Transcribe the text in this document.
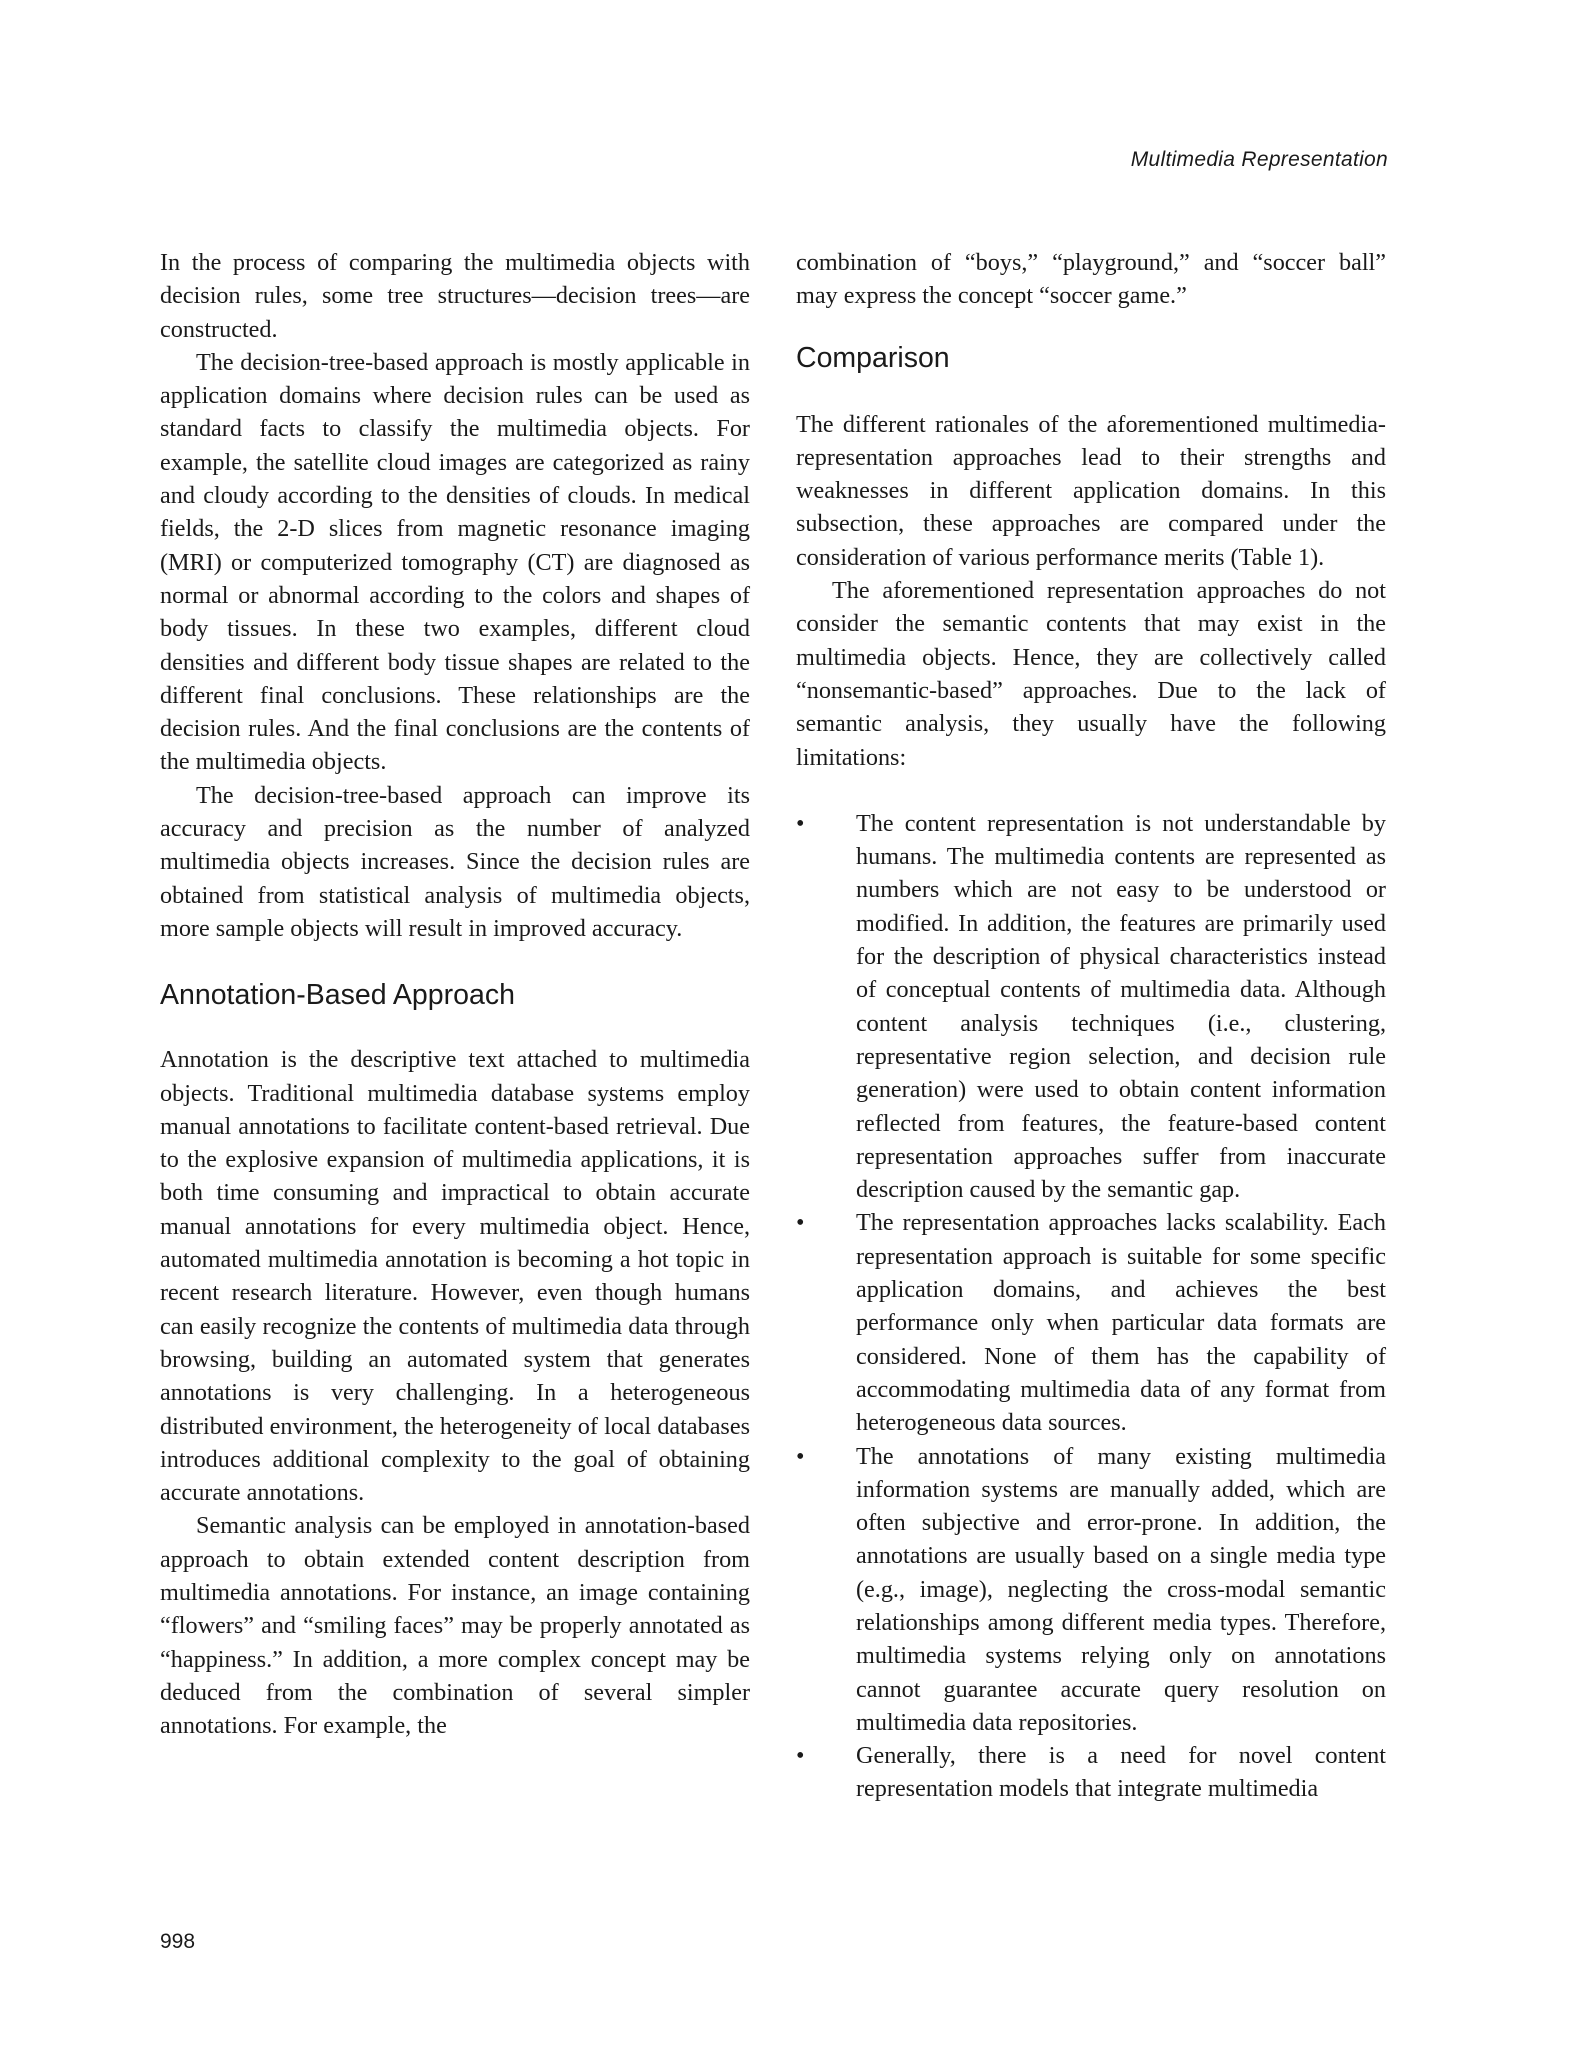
Multimedia Representation

In the process of comparing the multimedia objects with decision rules, some tree structures—decision trees—are constructed.

The decision-tree-based approach is mostly applicable in application domains where decision rules can be used as standard facts to classify the multimedia objects. For example, the satellite cloud images are categorized as rainy and cloudy according to the densities of clouds. In medical fields, the 2-D slices from magnetic resonance imaging (MRI) or computerized tomography (CT) are diagnosed as normal or abnormal according to the colors and shapes of body tissues. In these two examples, different cloud densities and different body tissue shapes are related to the different final conclusions. These relationships are the decision rules. And the final conclusions are the contents of the multimedia objects.

The decision-tree-based approach can improve its accuracy and precision as the number of analyzed multimedia objects increases. Since the decision rules are obtained from statistical analysis of multimedia objects, more sample objects will result in improved accuracy.

Annotation-Based Approach

Annotation is the descriptive text attached to multimedia objects. Traditional multimedia database systems employ manual annotations to facilitate content-based retrieval. Due to the explosive expansion of multimedia applications, it is both time consuming and impractical to obtain accurate manual annotations for every multimedia object. Hence, automated multimedia annotation is becoming a hot topic in recent research literature. However, even though humans can easily recognize the contents of multimedia data through browsing, building an automated system that generates annotations is very challenging. In a heterogeneous distributed environment, the heterogeneity of local databases introduces additional complexity to the goal of obtaining accurate annotations.

Semantic analysis can be employed in annotation-based approach to obtain extended content description from multimedia annotations. For instance, an image containing “flowers” and “smiling faces” may be properly annotated as “happiness.” In addition, a more complex concept may be deduced from the combination of several simpler annotations. For example, the

combination of “boys,” “playground,” and “soccer ball” may express the concept “soccer game.”

Comparison

The different rationales of the aforementioned multimedia-representation approaches lead to their strengths and weaknesses in different application domains. In this subsection, these approaches are compared under the consideration of various performance merits (Table 1).

The aforementioned representation approaches do not consider the semantic contents that may exist in the multimedia objects. Hence, they are collectively called “nonsemantic-based” approaches. Due to the lack of semantic analysis, they usually have the following limitations:

•	The content representation is not understandable by humans. The multimedia contents are represented as numbers which are not easy to be understood or modified. In addition, the features are primarily used for the description of physical characteristics instead of conceptual contents of multimedia data. Although content analysis techniques (i.e., clustering, representative region selection, and decision rule generation) were used to obtain content information reflected from features, the feature-based content representation approaches suffer from inaccurate description caused by the semantic gap.
•	The representation approaches lacks scalability. Each representation approach is suitable for some specific application domains, and achieves the best performance only when particular data formats are considered. None of them has the capability of accommodating multimedia data of any format from heterogeneous data sources.
•	The annotations of many existing multimedia information systems are manually added, which are often subjective and error-prone. In addition, the annotations are usually based on a single media type (e.g., image), neglecting the cross-modal semantic relationships among different media types. Therefore, multimedia systems relying only on annotations cannot guarantee accurate query resolution on multimedia data repositories.
•	Generally, there is a need for novel content representation models that integrate multimedia
998
